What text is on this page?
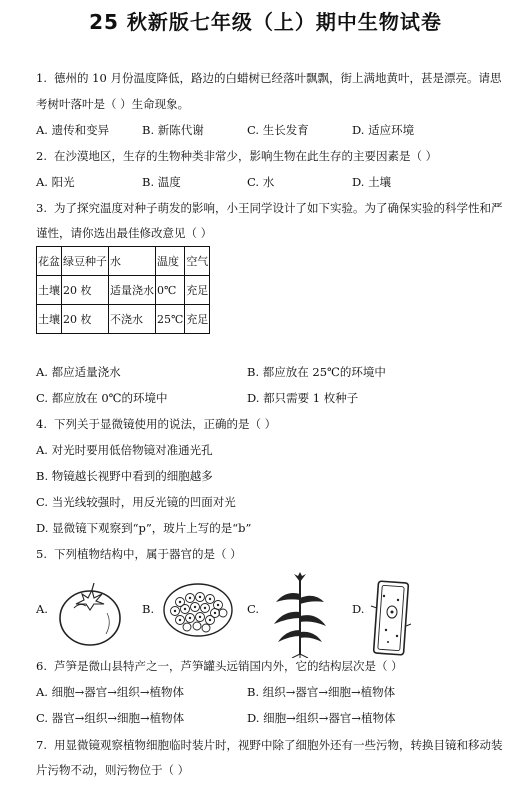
25 秋新版七年级（上）期中生物试卷
1. 德州的 10 月份温度降低，路边的白蜡树已经落叶飘飘，街上满地黄叶，甚是漂亮。请思
考树叶落叶是（ ）生命现象。
A. 遗传和变异	B. 新陈代谢	C. 生长发育	D. 适应环境
2. 在沙漠地区，生存的生物种类非常少，影响生物在此生存的主要因素是（ ）
A. 阳光	B. 温度	C. 水	D. 土壤
3. 为了探究温度对种子萌发的影响，小王同学设计了如下实验。为了确保实验的科学性和严
谨性，请你选出最佳修改意见（ ）
花盆	绿豆种子	水	温度	空气
土壤	20 枚	适量浇水	0℃	充足
土壤	20 枚	不浇水	25℃	充足
A. 都应适量浇水	B. 都应放在 25℃的环境中
C. 都应放在 0℃的环境中	D. 都只需要 1 枚种子
4. 下列关于显微镜使用的说法，正确的是（ ）
A. 对光时要用低倍物镜对准通光孔
B. 物镜越长视野中看到的细胞越多
C. 当光线较强时，用反光镜的凹面对光
D. 显微镜下观察到“p”，玻片上写的是“b”
5. 下列植物结构中，属于器官的是（ ）
A.	B.	C.	D.
6. 芦笋是微山县特产之一，芦笋罐头远销国内外，它的结构层次是（ ）
A. 细胞→器官→组织→植物体	B. 组织→器官→细胞→植物体
C. 器官→组织→细胞→植物体	D. 细胞→组织→器官→植物体
7. 用显微镜观察植物细胞临时装片时，视野中除了细胞外还有一些污物，转换目镜和移动装
片污物不动，则污物位于（ ）
